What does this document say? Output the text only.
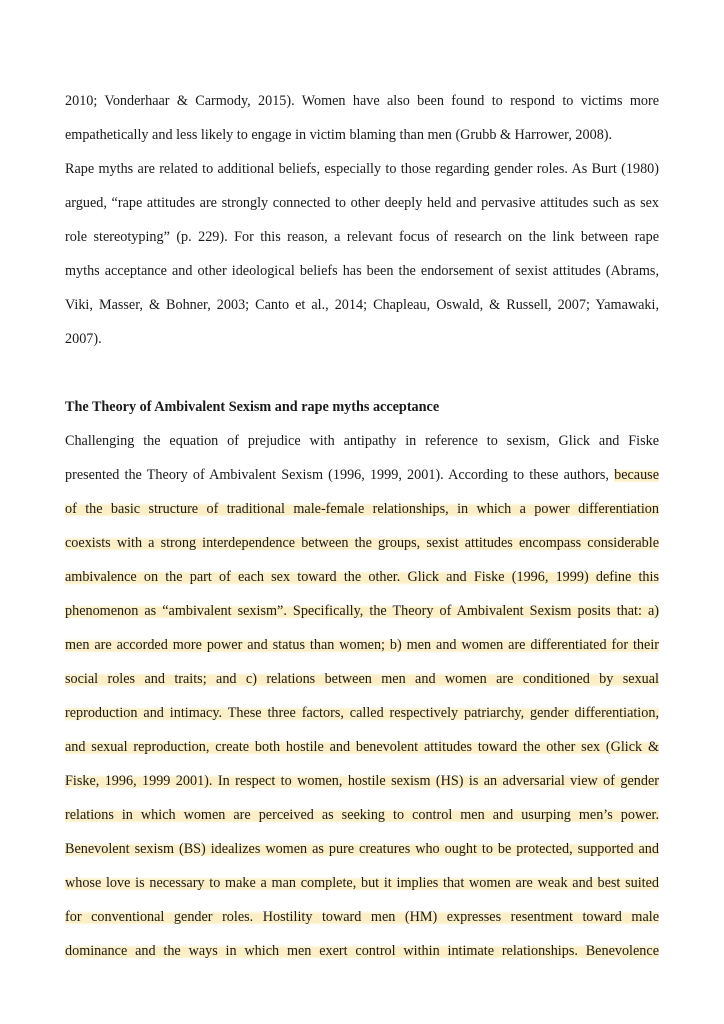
2010; Vonderhaar & Carmody, 2015). Women have also been found to respond to victims more
empathetically and less likely to engage in victim blaming than men (Grubb & Harrower, 2008).
Rape myths are related to additional beliefs, especially to those regarding gender roles. As Burt (1980)
argued, “rape attitudes are strongly connected to other deeply held and pervasive attitudes such as sex
role stereotyping” (p. 229). For this reason, a relevant focus of research on the link between rape
myths acceptance and other ideological beliefs has been the endorsement of sexist attitudes (Abrams,
Viki, Masser, & Bohner, 2003; Canto et al., 2014; Chapleau, Oswald, & Russell, 2007; Yamawaki,
2007).
The Theory of Ambivalent Sexism and rape myths acceptance
Challenging the equation of prejudice with antipathy in reference to sexism, Glick and Fiske
presented the Theory of Ambivalent Sexism (1996, 1999, 2001). According to these authors, because
of the basic structure of traditional male-female relationships, in which a power differentiation
coexists with a strong interdependence between the groups, sexist attitudes encompass considerable
ambivalence on the part of each sex toward the other. Glick and Fiske (1996, 1999) define this
phenomenon as “ambivalent sexism”. Specifically, the Theory of Ambivalent Sexism posits that: a)
men are accorded more power and status than women; b) men and women are differentiated for their
social roles and traits; and c) relations between men and women are conditioned by sexual
reproduction and intimacy. These three factors, called respectively patriarchy, gender differentiation,
and sexual reproduction, create both hostile and benevolent attitudes toward the other sex (Glick &
Fiske, 1996, 1999 2001). In respect to women, hostile sexism (HS) is an adversarial view of gender
relations in which women are perceived as seeking to control men and usurping men’s power.
Benevolent sexism (BS) idealizes women as pure creatures who ought to be protected, supported and
whose love is necessary to make a man complete, but it implies that women are weak and best suited
for conventional gender roles. Hostility toward men (HM) expresses resentment toward male
dominance and the ways in which men exert control within intimate relationships. Benevolence
